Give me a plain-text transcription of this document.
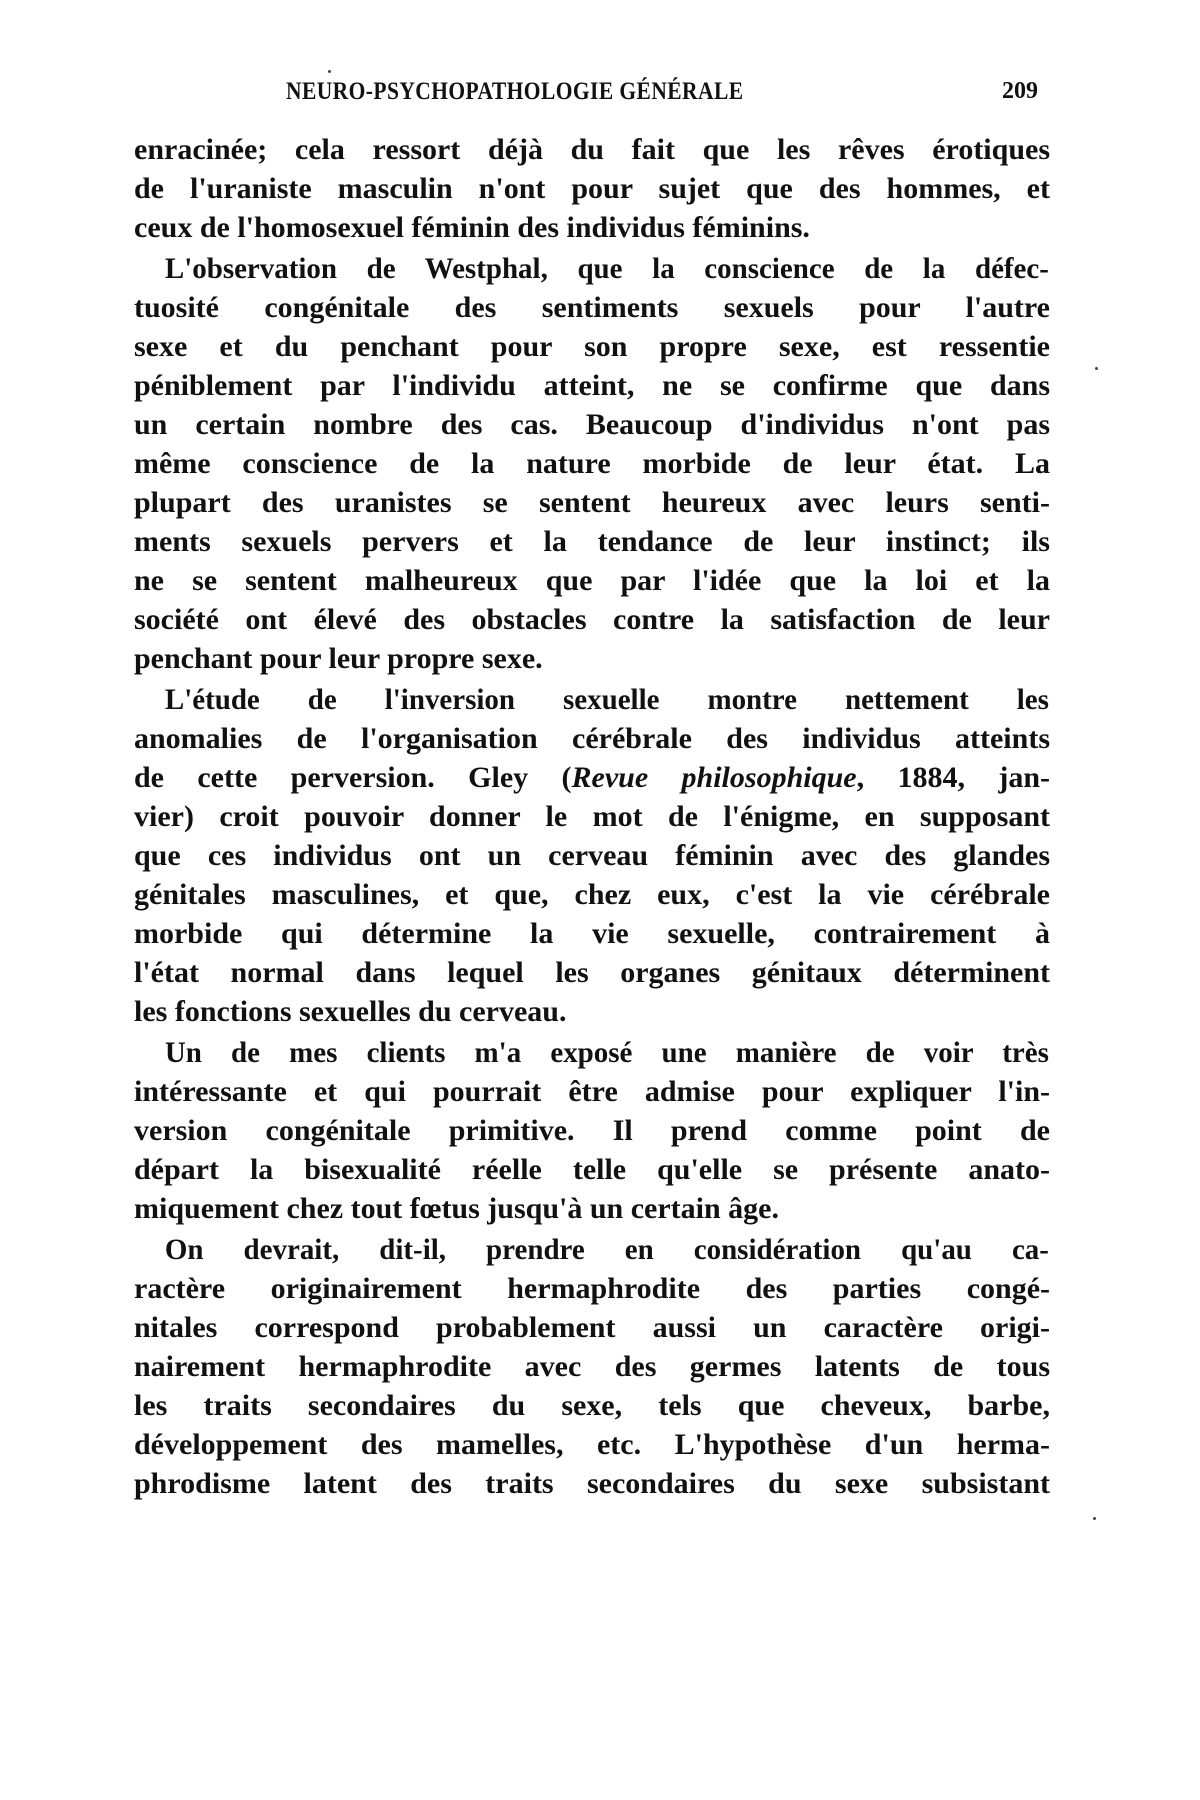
NEURO-PSYCHOPATHOLOGIE GÉNÉRALE	209
enracinée; cela ressort déjà du fait que les rêves érotiques
de l'uraniste masculin n'ont pour sujet que des hommes, et
ceux de l'homosexuel féminin des individus féminins.
L'observation de Westphal, que la conscience de la défec-
tuosité congénitale des sentiments sexuels pour l'autre
sexe et du penchant pour son propre sexe, est ressentie
péniblement par l'individu atteint, ne se confirme que dans
un certain nombre des cas. Beaucoup d'individus n'ont pas
même conscience de la nature morbide de leur état. La
plupart des uranistes se sentent heureux avec leurs senti-
ments sexuels pervers et la tendance de leur instinct; ils
ne se sentent malheureux que par l'idée que la loi et la
société ont élevé des obstacles contre la satisfaction de leur
penchant pour leur propre sexe.
L'étude de l'inversion sexuelle montre nettement les
anomalies de l'organisation cérébrale des individus atteints
de cette perversion. Gley (Revue philosophique, 1884, jan-
vier) croit pouvoir donner le mot de l'énigme, en supposant
que ces individus ont un cerveau féminin avec des glandes
génitales masculines, et que, chez eux, c'est la vie cérébrale
morbide qui détermine la vie sexuelle, contrairement à
l'état normal dans lequel les organes génitaux déterminent
les fonctions sexuelles du cerveau.
Un de mes clients m'a exposé une manière de voir très
intéressante et qui pourrait être admise pour expliquer l'in-
version congénitale primitive. Il prend comme point de
départ la bisexualité réelle telle qu'elle se présente anato-
miquement chez tout fœtus jusqu'à un certain âge.
On devrait, dit-il, prendre en considération qu'au ca-
ractère originairement hermaphrodite des parties congé-
nitales correspond probablement aussi un caractère origi-
nairement hermaphrodite avec des germes latents de tous
les traits secondaires du sexe, tels que cheveux, barbe,
développement des mamelles, etc. L'hypothèse d'un herma-
phrodisme latent des traits secondaires du sexe subsistant
